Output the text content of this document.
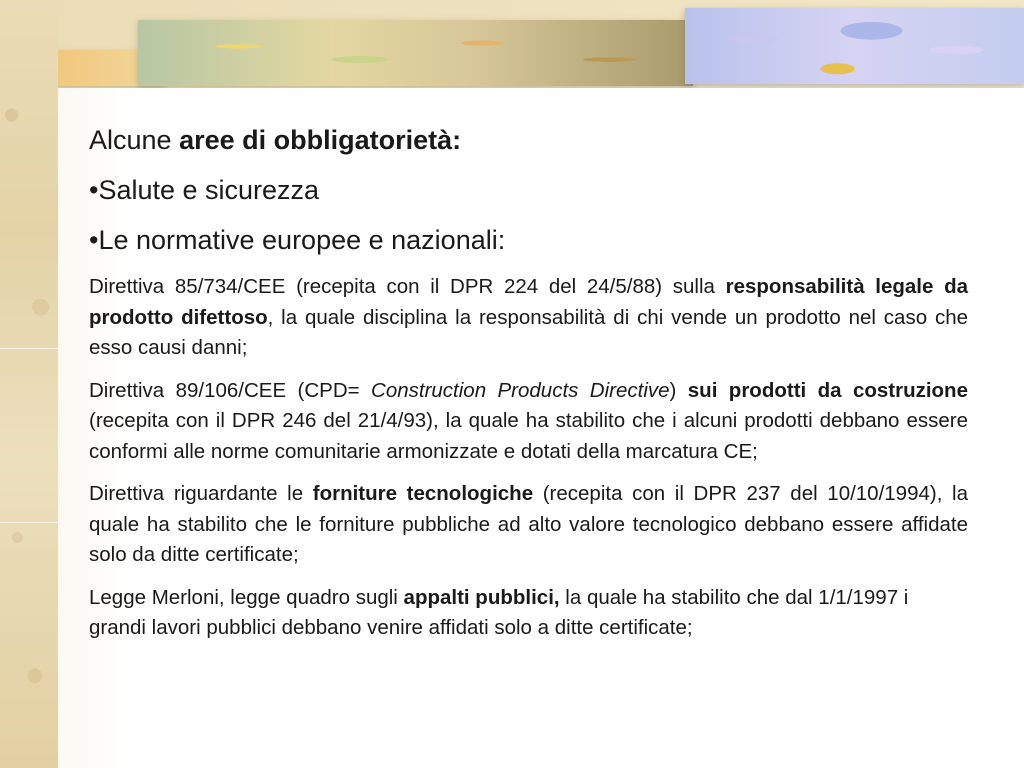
Alcune aree di obbligatorietà:
•Salute e sicurezza
•Le normative europee e nazionali:

Direttiva 85/734/CEE (recepita con il DPR 224 del 24/5/88) sulla responsabilità legale da prodotto difettoso, la quale disciplina la responsabilità di chi vende un prodotto nel caso che esso causi danni;

Direttiva 89/106/CEE (CPD= Construction Products Directive) sui prodotti da costruzione (recepita con il DPR 246 del 21/4/93), la quale ha stabilito che i alcuni prodotti debbano essere conformi alle norme comunitarie armonizzate e dotati della marcatura CE;

Direttiva riguardante le forniture tecnologiche (recepita con il DPR 237 del 10/10/1994), la quale ha stabilito che le forniture pubbliche ad alto valore tecnologico debbano essere affidate solo da ditte certificate;

Legge Merloni, legge quadro sugli appalti pubblici, la quale ha stabilito che dal 1/1/1997 i grandi lavori pubblici debbano venire affidati solo a ditte certificate;
